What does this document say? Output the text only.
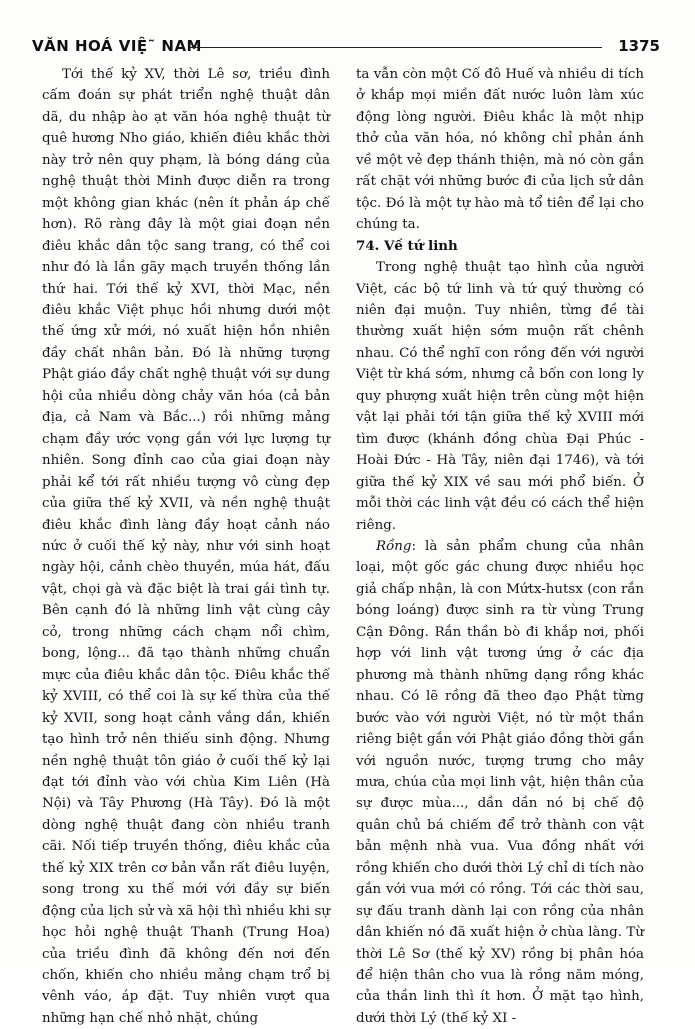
VĂN HOÁ VIỆ˜ NAM	1375

Tới thế kỷ XV, thời Lê sơ, triều đình cấm đoán sự phát triển nghệ thuật dân dã, du nhập ào ạt văn hóa nghệ thuật từ quê hương Nho giáo, khiến điêu khắc thời này trở nên quy phạm, là bóng dáng của nghệ thuật thời Minh được diễn ra trong một không gian khác (nên ít phản áp chế hơn). Rõ ràng đây là một giai đoạn nền điêu khắc dân tộc sang trang, có thể coi như đó là lần gãy mạch truyền thống lần thứ hai. Tới thế kỷ XVI, thời Mạc, nền điêu khắc Việt phục hồi nhưng dưới một thế ứng xử mới, nó xuất hiện hồn nhiên đầy chất nhân bản. Đó là những tượng Phật giáo đầy chất nghệ thuật với sự dung hội của nhiều dòng chảy văn hóa (cả bản địa, cả Nam và Bắc...) rồi những mảng chạm đầy ước vọng gắn với lực lượng tự nhiên. Song đỉnh cao của giai đoạn này phải kể tới rất nhiều tượng vô cùng đẹp của giữa thế kỷ XVII, và nền nghệ thuật điêu khắc đình làng đầy hoạt cảnh náo nức ở cuối thế kỷ này, như với sinh hoạt ngày hội, cảnh chèo thuyền, múa hát, đấu vật, chọi gà và đặc biệt là trai gái tình tự. Bên cạnh đó là những linh vật cùng cây cỏ, trong những cách chạm nổi chìm, bong, lộng... đã tạo thành những chuẩn mực của điêu khắc dân tộc. Điêu khắc thế kỷ XVIII, có thể coi là sự kế thừa của thế kỷ XVII, song hoạt cảnh vắng dần, khiến tạo hình trở nên thiếu sinh động. Nhưng nền nghệ thuật tôn giáo ở cuối thế kỷ lại đạt tới đỉnh vào với chùa Kim Liên (Hà Nội) và Tây Phương (Hà Tây). Đó là một dòng nghệ thuật đang còn nhiều tranh cãi. Nối tiếp truyền thống, điêu khắc của thế kỷ XIX trên cơ bản vẫn rất điêu luyện, song trong xu thế mới với đầy sự biến động của lịch sử và xã hội thì nhiều khi sự học hỏi nghệ thuật Thanh (Trung Hoa) của triều đình đã không đến nơi đến chốn, khiến cho nhiều mảng chạm trổ bị vênh váo, áp đặt. Tuy nhiên vượt qua những hạn chế nhỏ nhặt, chúng

ta vẫn còn một Cố đô Huế và nhiều di tích ở khắp mọi miền đất nước luôn làm xúc động lòng người. Điêu khắc là một nhịp thở của văn hóa, nó không chỉ phản ánh về một vẻ đẹp thánh thiện, mà nó còn gắn rất chặt với những bước đi của lịch sử dân tộc. Đó là một tự hào mà tổ tiên để lại cho chúng ta.

74. Về tứ linh

Trong nghệ thuật tạo hình của người Việt, các bộ tứ linh và tứ quý thường có niên đại muộn. Tuy nhiên, từng đề tài thường xuất hiện sớm muộn rất chênh nhau. Có thể nghĩ con rồng đến với người Việt từ khá sớm, nhưng cả bốn con long ly quy phượng xuất hiện trên cùng một hiện vật lại phải tới tận giữa thế kỷ XVIII mới tìm được (khánh đồng chùa Đại Phúc - Hoài Đức - Hà Tây, niên đại 1746), và tới giữa thế kỷ XIX về sau mới phổ biến. Ở mỗi thời các linh vật đều có cách thể hiện riêng.

Rồng: là sản phẩm chung của nhân loại, một gốc gác chung được nhiều học giả chấp nhận, là con Mứtx-hutsx (con rắn bóng loáng) được sinh ra từ vùng Trung Cận Đông. Rắn thần bò đi khắp nơi, phối hợp với linh vật tương ứng ở các địa phương mà thành những dạng rồng khác nhau. Có lẽ rồng đã theo đạo Phật từng bước vào với người Việt, nó từ một thần riêng biệt gắn với Phật giáo đồng thời gắn với nguồn nước, tượng trưng cho mây mưa, chúa của mọi linh vật, hiện thân của sự được mùa..., dần dần nó bị chế độ quân chủ bá chiếm để trở thành con vật bản mệnh nhà vua. Vua đồng nhất với rồng khiến cho dưới thời Lý chỉ di tích nào gắn với vua mới có rồng. Tới các thời sau, sự đấu tranh dành lại con rồng của nhân dân khiến nó đã xuất hiện ở chùa làng. Từ thời Lê Sơ (thế kỷ XV) rồng bị phân hóa để hiện thân cho vua là rồng năm móng, của thần linh thì ít hơn. Ở mặt tạo hình, dưới thời Lý (thế kỷ XI -
